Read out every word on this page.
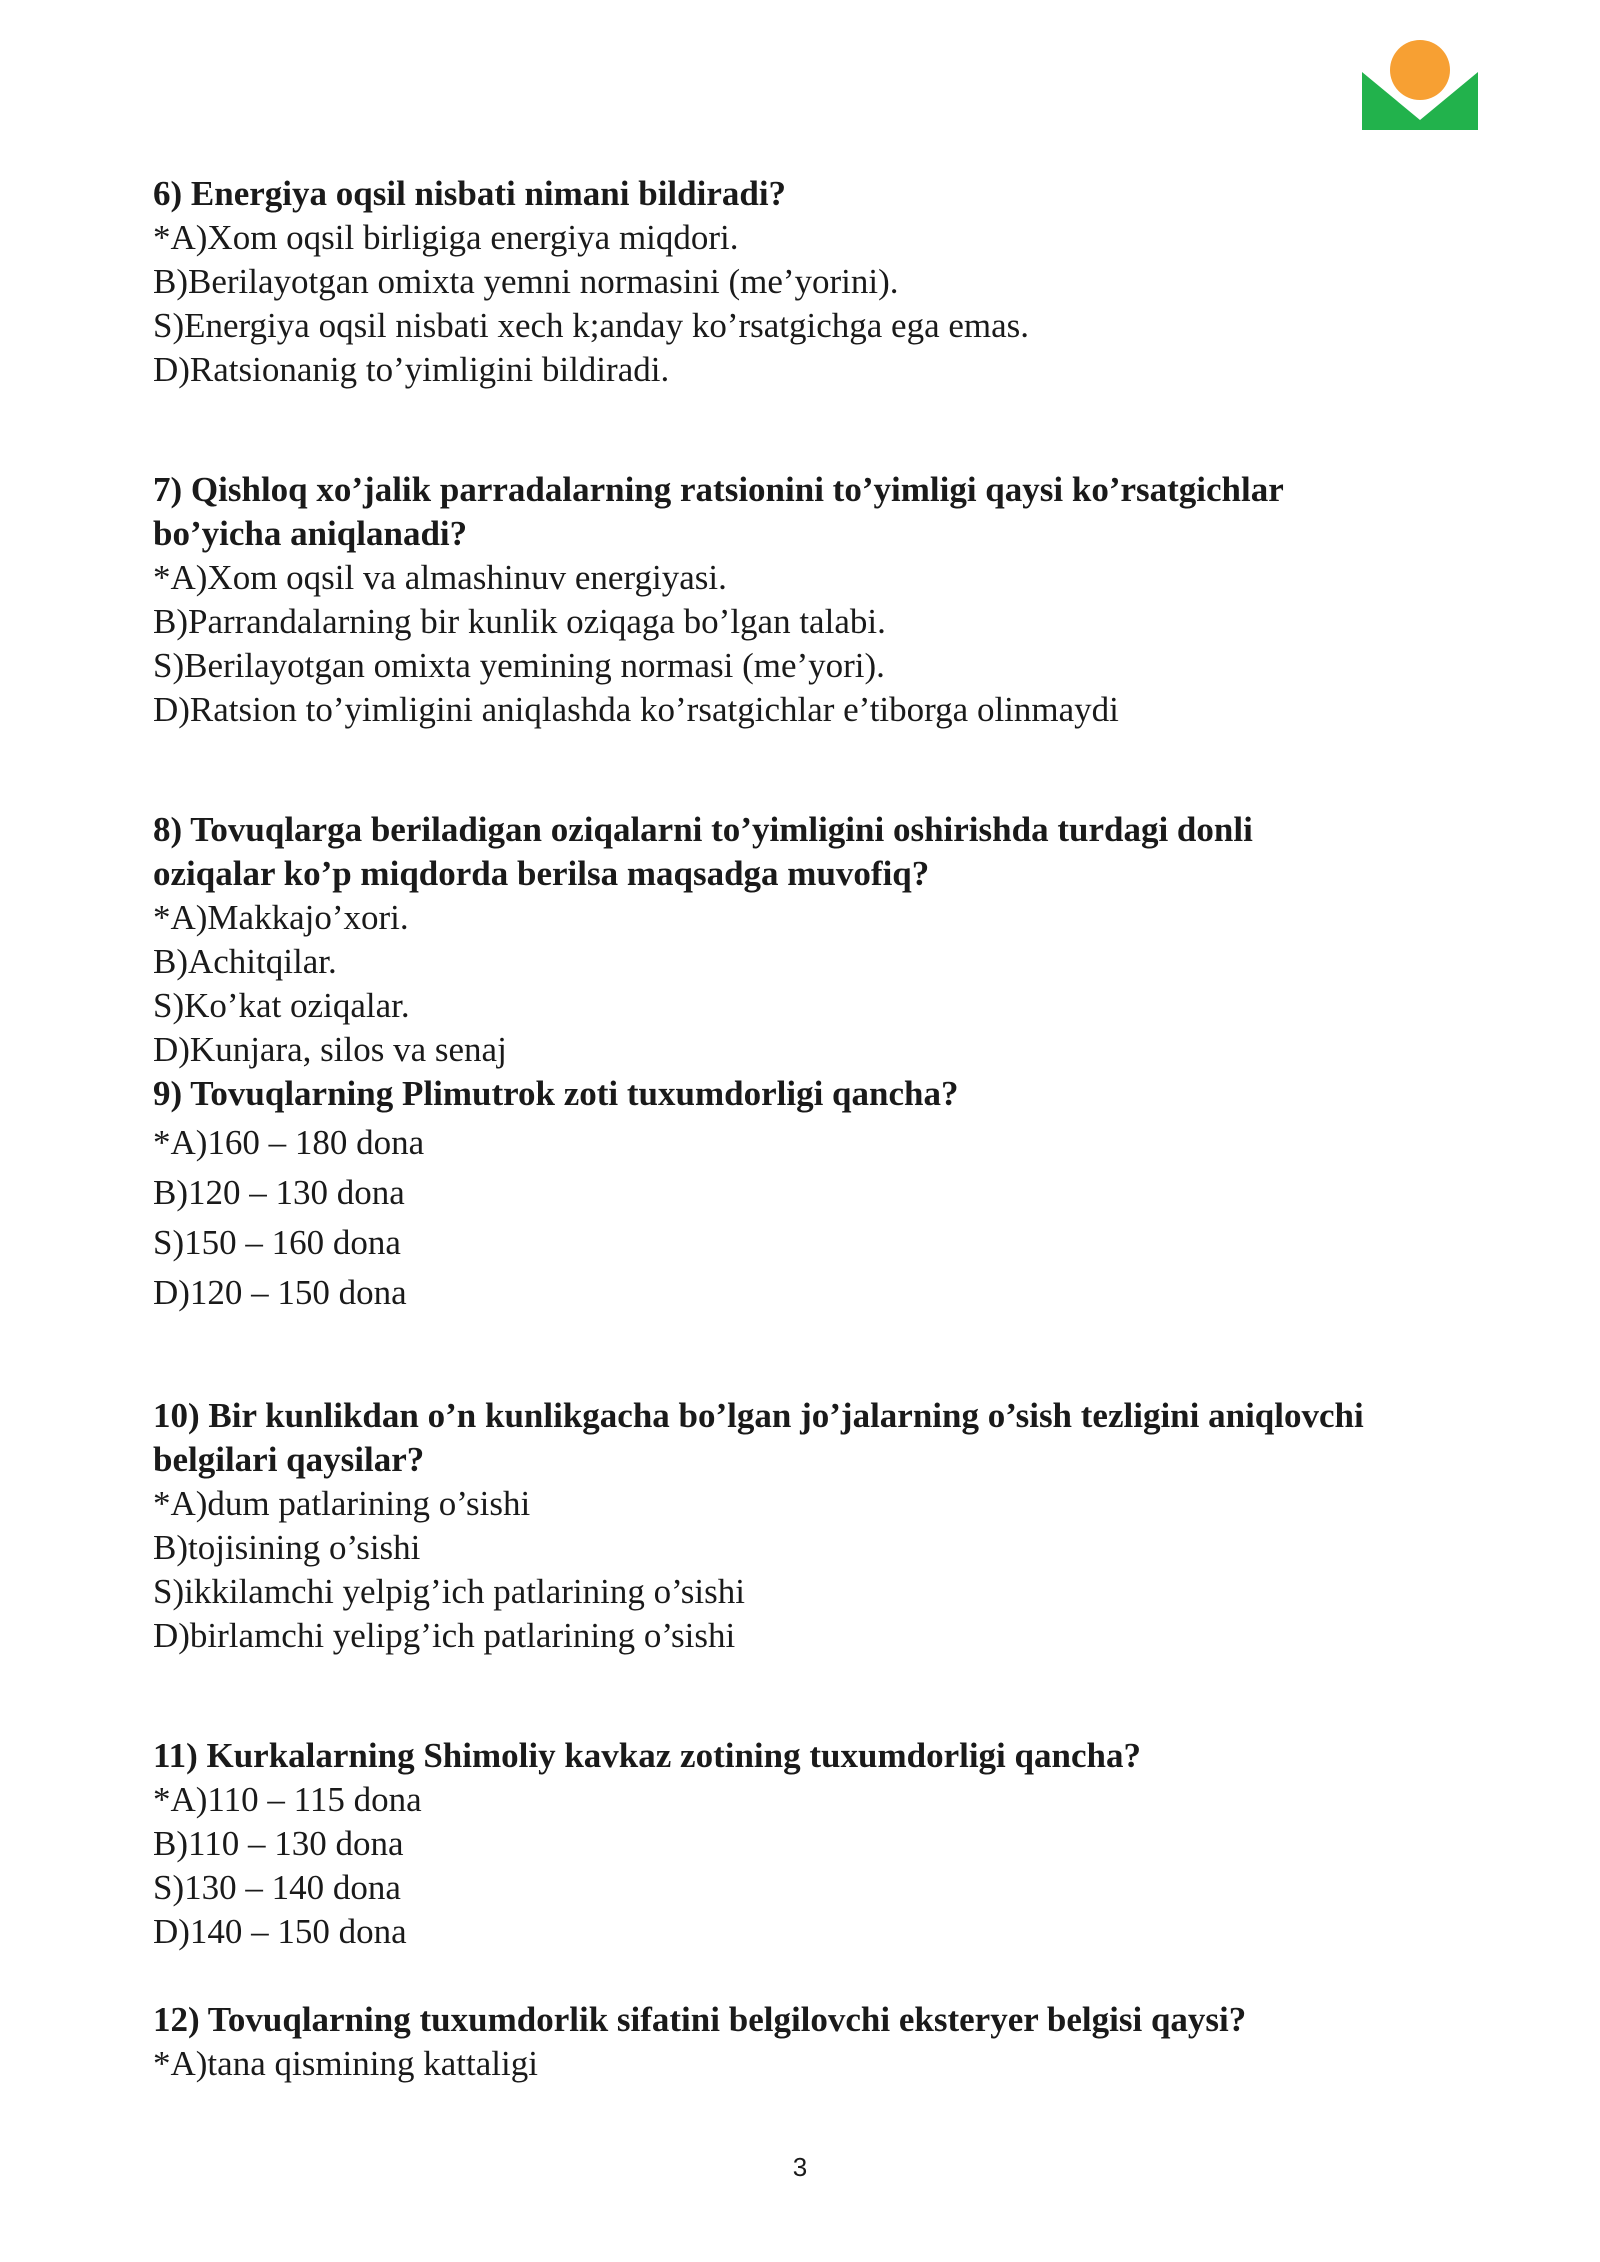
6) Energiya oqsil nisbati nimani bildiradi?

*A)Xom oqsil birligiga energiya miqdori.

B)Berilayotgan omixta yemni normasini (me’yorini).

S)Energiya oqsil nisbati xech k;anday ko’rsatgichga ega emas.

D)Ratsionanig to’yimligini bildiradi.

7) Qishloq xo’jalik parradalarning ratsionini to’yimligi qaysi ko’rsatgichlar

bo’yicha aniqlanadi?

*A)Xom oqsil va almashinuv energiyasi.

B)Parrandalarning bir kunlik oziqaga bo’lgan talabi.

S)Berilayotgan omixta yemining normasi (me’yori).

D)Ratsion to’yimligini aniqlashda ko’rsatgichlar e’tiborga olinmaydi

8) Tovuqlarga beriladigan oziqalarni to’yimligini oshirishda turdagi donli

oziqalar ko’p miqdorda berilsa maqsadga muvofiq?

*A)Makkajo’xori.

B)Achitqilar.

S)Ko’kat oziqalar.

D)Kunjara, silos va senaj

9) Tovuqlarning Plimutrok zoti tuxumdorligi qancha?

*A)160 – 180 dona

B)120 – 130 dona

S)150 – 160 dona

D)120 – 150 dona

10) Bir kunlikdan o’n kunlikgacha bo’lgan jo’jalarning o’sish tezligini aniqlovchi

belgilari qaysilar?

*A)dum patlarining o’sishi

B)tojisining o’sishi

S)ikkilamchi yelpig’ich patlarining o’sishi

D)birlamchi yelipg’ich patlarining o’sishi

11) Kurkalarning Shimoliy kavkaz zotining tuxumdorligi qancha?

*A)110 – 115 dona

B)110 – 130 dona

S)130 – 140 dona

D)140 – 150 dona

12) Tovuqlarning tuxumdorlik sifatini belgilovchi eksteryer belgisi qaysi?

*A)tana qismining kattaligi

3
